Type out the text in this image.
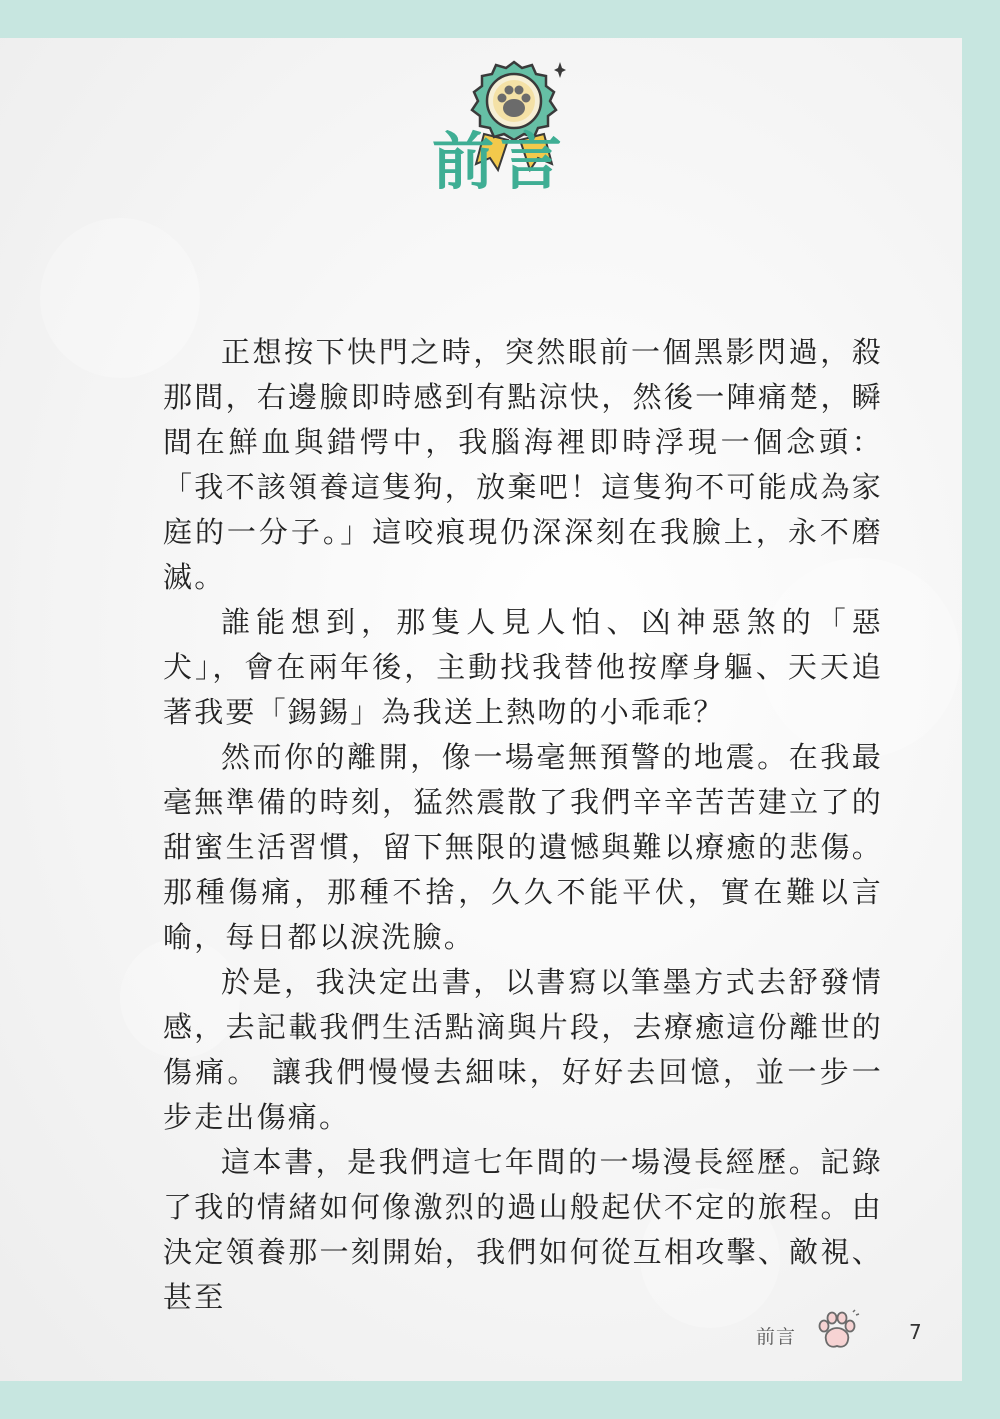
前言

正想按下快門之時，突然眼前一個黑影閃過，殺那間，右邊臉即時感到有點涼快，然後一陣痛楚，瞬間在鮮血與錯愕中，我腦海裡即時浮現一個念頭：「我不該領養這隻狗，放棄吧！這隻狗不可能成為家庭的一分子。」這咬痕現仍深深刻在我臉上，永不磨滅。

誰能想到，那隻人見人怕、凶神惡煞的「惡犬」，會在兩年後，主動找我替他按摩身軀、天天追著我要「錫錫」為我送上熱吻的小乖乖？

然而你的離開，像一場毫無預警的地震。在我最毫無準備的時刻，猛然震散了我們辛辛苦苦建立了的甜蜜生活習慣，留下無限的遺憾與難以療癒的悲傷。那種傷痛，那種不捨，久久不能平伏，實在難以言喻，每日都以淚洗臉。

於是，我決定出書，以書寫以筆墨方式去舒發情感，去記載我們生活點滴與片段，去療癒這份離世的傷痛。 讓我們慢慢去細味，好好去回憶，並一步一步走出傷痛。

這本書，是我們這七年間的一場漫長經歷。記錄了我的情緒如何像激烈的過山般起伏不定的旅程。由決定領養那一刻開始，我們如何從互相攻擊、敵視、甚至

前言	7
